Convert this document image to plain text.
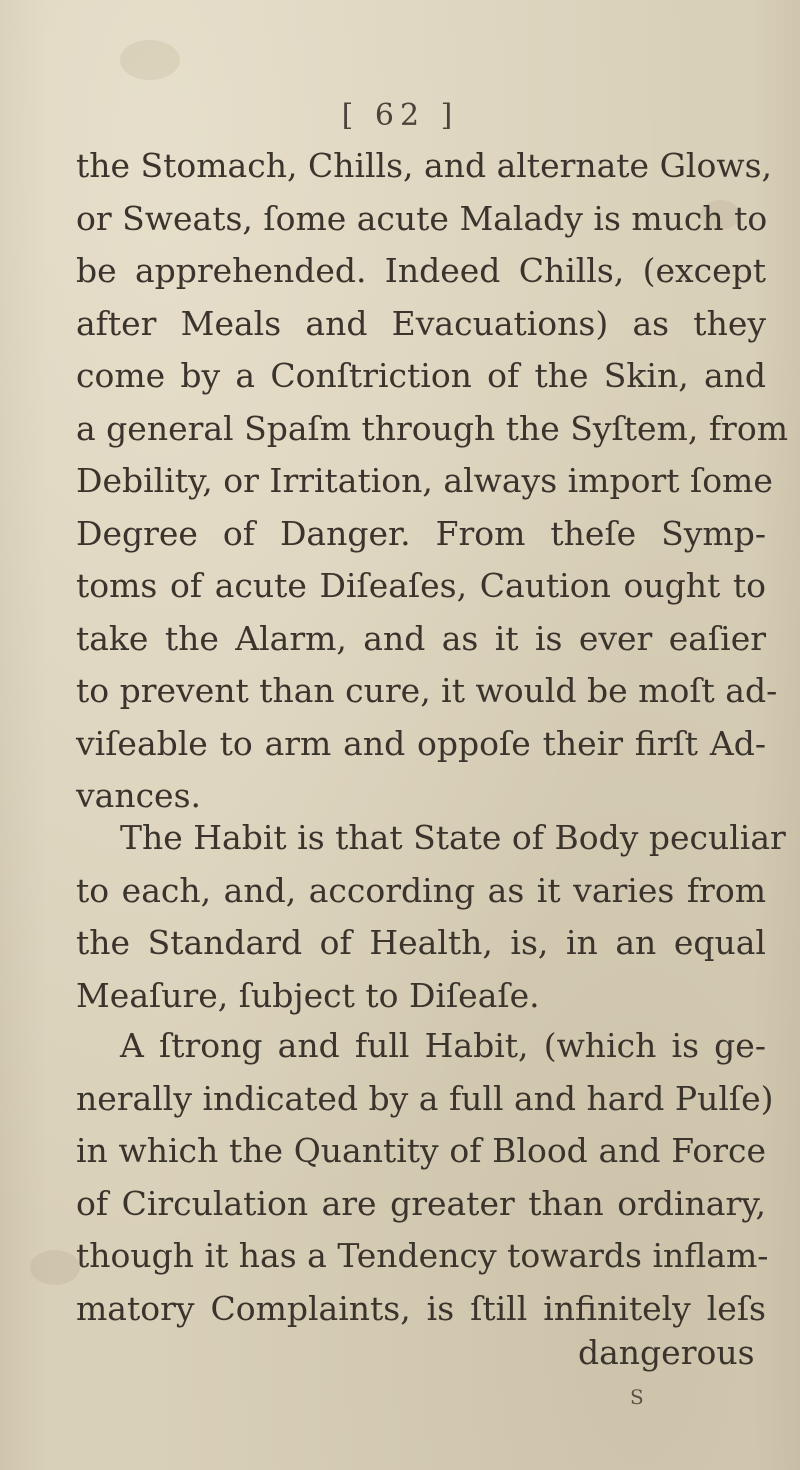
[ 62 ]
the Stomach, Chills, and alternate Glows,
or Sweats, ſome acute Malady is much to
be apprehended. Indeed Chills, (except
after Meals and Evacuations) as they
come by a Conſtriction of the Skin, and
a general Spaſm through the Syſtem, from
Debility, or Irritation, always import ſome
Degree of Danger. From theſe Symp-
toms of acute Diſeaſes, Caution ought to
take the Alarm, and as it is ever eaſier
to prevent than cure, it would be moſt ad-
viſeable to arm and oppoſe their firſt Ad-
vances.
The Habit is that State of Body peculiar
to each, and, according as it varies from
the Standard of Health, is, in an equal
Meaſure, ſubject to Diſeaſe.
A ſtrong and full Habit, (which is ge-
nerally indicated by a full and hard Pulſe)
in which the Quantity of Blood and Force
of Circulation are greater than ordinary,
though it has a Tendency towards inflam-
matory Complaints, is ſtill infinitely leſs
dangerous
S
